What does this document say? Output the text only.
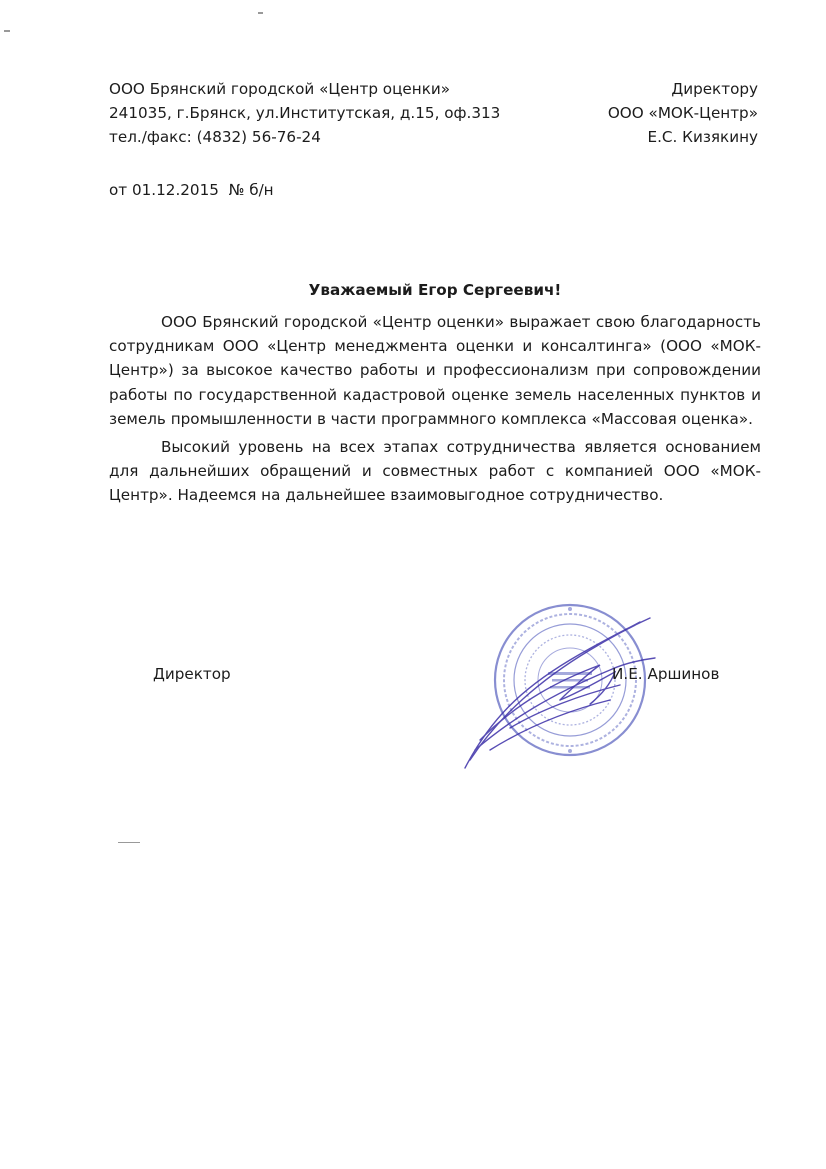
ООО Брянский городской «Центр оценки»
241035, г.Брянск, ул.Институтская, д.15, оф.313
тел./факс: (4832) 56-76-24
Директору
ООО «МОК-Центр»
Е.С. Кизякину
от 01.12.2015  № б/н
Уважаемый Егор Сергеевич!

ООО Брянский городской «Центр оценки» выражает свою благодарность сотрудникам ООО «Центр менеджмента оценки и консалтинга» (ООО «МОК-Центр») за высокое качество работы и профессионализм при сопровождении работы по государственной кадастровой оценке земель населенных пунктов и земель промышленности в части программного комплекса «Массовая оценка».

Высокий уровень на всех этапах сотрудничества является основанием для дальнейших обращений и совместных работ с компанией ООО «МОК-Центр». Надеемся на дальнейшее взаимовыгодное сотрудничество.

Директор	И.Е. Аршинов
